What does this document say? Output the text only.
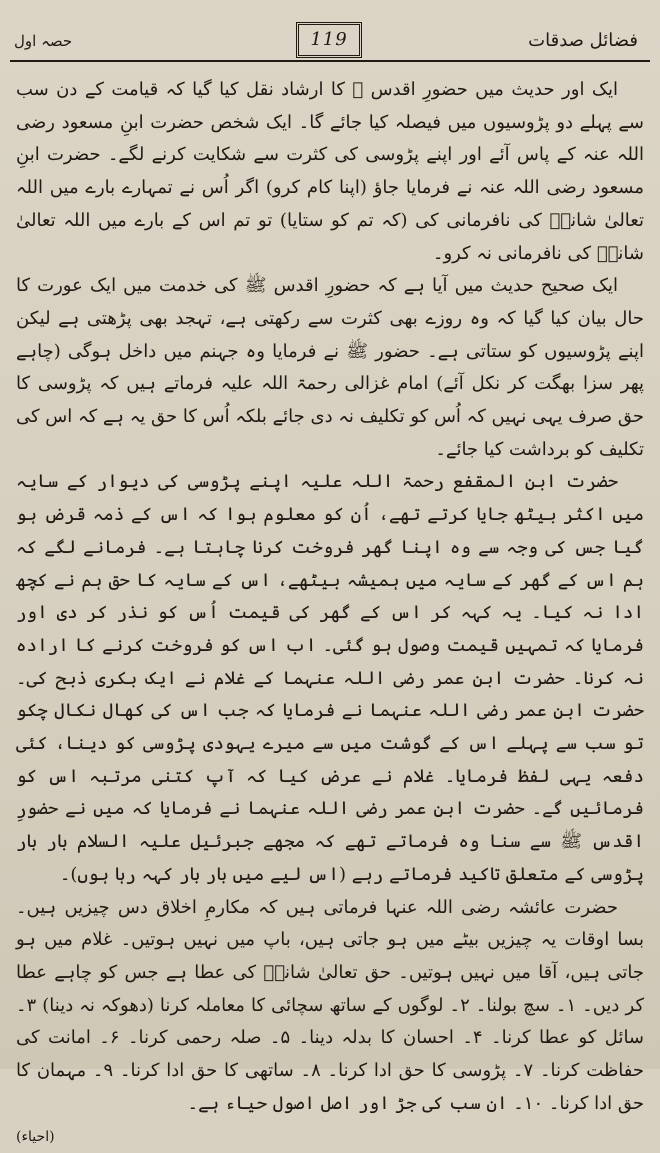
حصہ اول	119	فضائل صدقات

ایک اور حدیث میں حضورِ اقدس ﷺ کا ارشاد نقل کیا گیا کہ قیامت کے دن سب سے پہلے دو پڑوسیوں میں فیصلہ کیا جائے گا۔ ایک شخص حضرت ابنِ مسعود رضی اللہ عنہ کے پاس آئے اور اپنے پڑوسی کی کثرت سے شکایت کرنے لگے۔ حضرت ابنِ مسعود رضی اللہ عنہ نے فرمایا جاؤ (اپنا کام کرو) اگر اُس نے تمہارے بارے میں اللہ تعالیٰ شانہٗ کی نافرمانی کی (کہ تم کو ستایا) تو تم اس کے بارے میں اللہ تعالیٰ شانہٗ کی نافرمانی نہ کرو۔

ایک صحیح حدیث میں آیا ہے کہ حضورِ اقدس ﷺ کی خدمت میں ایک عورت کا حال بیان کیا گیا کہ وہ روزے بھی کثرت سے رکھتی ہے، تہجد بھی پڑھتی ہے لیکن اپنے پڑوسیوں کو ستاتی ہے۔ حضور ﷺ نے فرمایا وہ جہنم میں داخل ہوگی (چاہے پھر سزا بھگت کر نکل آئے) امام غزالی رحمۃ اللہ علیہ فرماتے ہیں کہ پڑوسی کا حق صرف یہی نہیں کہ اُس کو تکلیف نہ دی جائے بلکہ اُس کا حق یہ ہے کہ اس کی تکلیف کو برداشت کیا جائے۔

حضرت ابن المقفع رحمۃ اللہ علیہ اپنے پڑوسی کی دیوار کے سایہ میں اکثر بیٹھ جایا کرتے تھے، اُن کو معلوم ہوا کہ اس کے ذمہ قرض ہو گیا جس کی وجہ سے وہ اپنا گھر فروخت کرنا چاہتا ہے۔ فرمانے لگے کہ ہم اس کے گھر کے سایہ میں ہمیشہ بیٹھے، اس کے سایہ کا حق ہم نے کچھ ادا نہ کیا۔ یہ کہہ کر اس کے گھر کی قیمت اُس کو نذر کر دی اور فرمایا کہ تمہیں قیمت وصول ہو گئی۔ اب اس کو فروخت کرنے کا ارادہ نہ کرنا۔ حضرت ابنِ عمر رضی اللہ عنہما کے غلام نے ایک بکری ذبح کی۔ حضرت ابنِ عمر رضی اللہ عنہما نے فرمایا کہ جب اس کی کھال نکال چکو تو سب سے پہلے اس کے گوشت میں سے میرے یہودی پڑوسی کو دینا، کئی دفعہ یہی لفظ فرمایا۔ غلام نے عرض کیا کہ آپ کتنی مرتبہ اس کو فرمائیں گے۔ حضرت ابنِ عمر رضی اللہ عنہما نے فرمایا کہ میں نے حضورِ اقدس ﷺ سے سنا وہ فرماتے تھے کہ مجھے جبرئیل علیہ السلام بار بار پڑوسی کے متعلق تاکید فرماتے رہے (اس لیے میں بار بار کہہ رہا ہوں)۔

حضرت عائشہ رضی اللہ عنہا فرماتی ہیں کہ مکارمِ اخلاق دس چیزیں ہیں۔ بسا اوقات یہ چیزیں بیٹے میں ہو جاتی ہیں، باپ میں نہیں ہوتیں۔ غلام میں ہو جاتی ہیں، آقا میں نہیں ہوتیں۔ حق تعالیٰ شانہٗ کی عطا ہے جس کو چاہے عطا کر دیں۔ ۱۔ سچ بولنا۔ ۲۔ لوگوں کے ساتھ سچائی کا معاملہ کرنا (دھوکہ نہ دینا) ۳۔ سائل کو عطا کرنا۔ ۴۔ احسان کا بدلہ دینا۔ ۵۔ صلہ رحمی کرنا۔ ۶۔ امانت کی حفاظت کرنا۔ ۷۔ پڑوسی کا حق ادا کرنا۔ ۸۔ ساتھی کا حق ادا کرنا۔ ۹۔ مہمان کا حق ادا کرنا۔ ۱۰۔ ان سب کی جڑ اور اصل اصول حیاء ہے۔

(احیاء)
